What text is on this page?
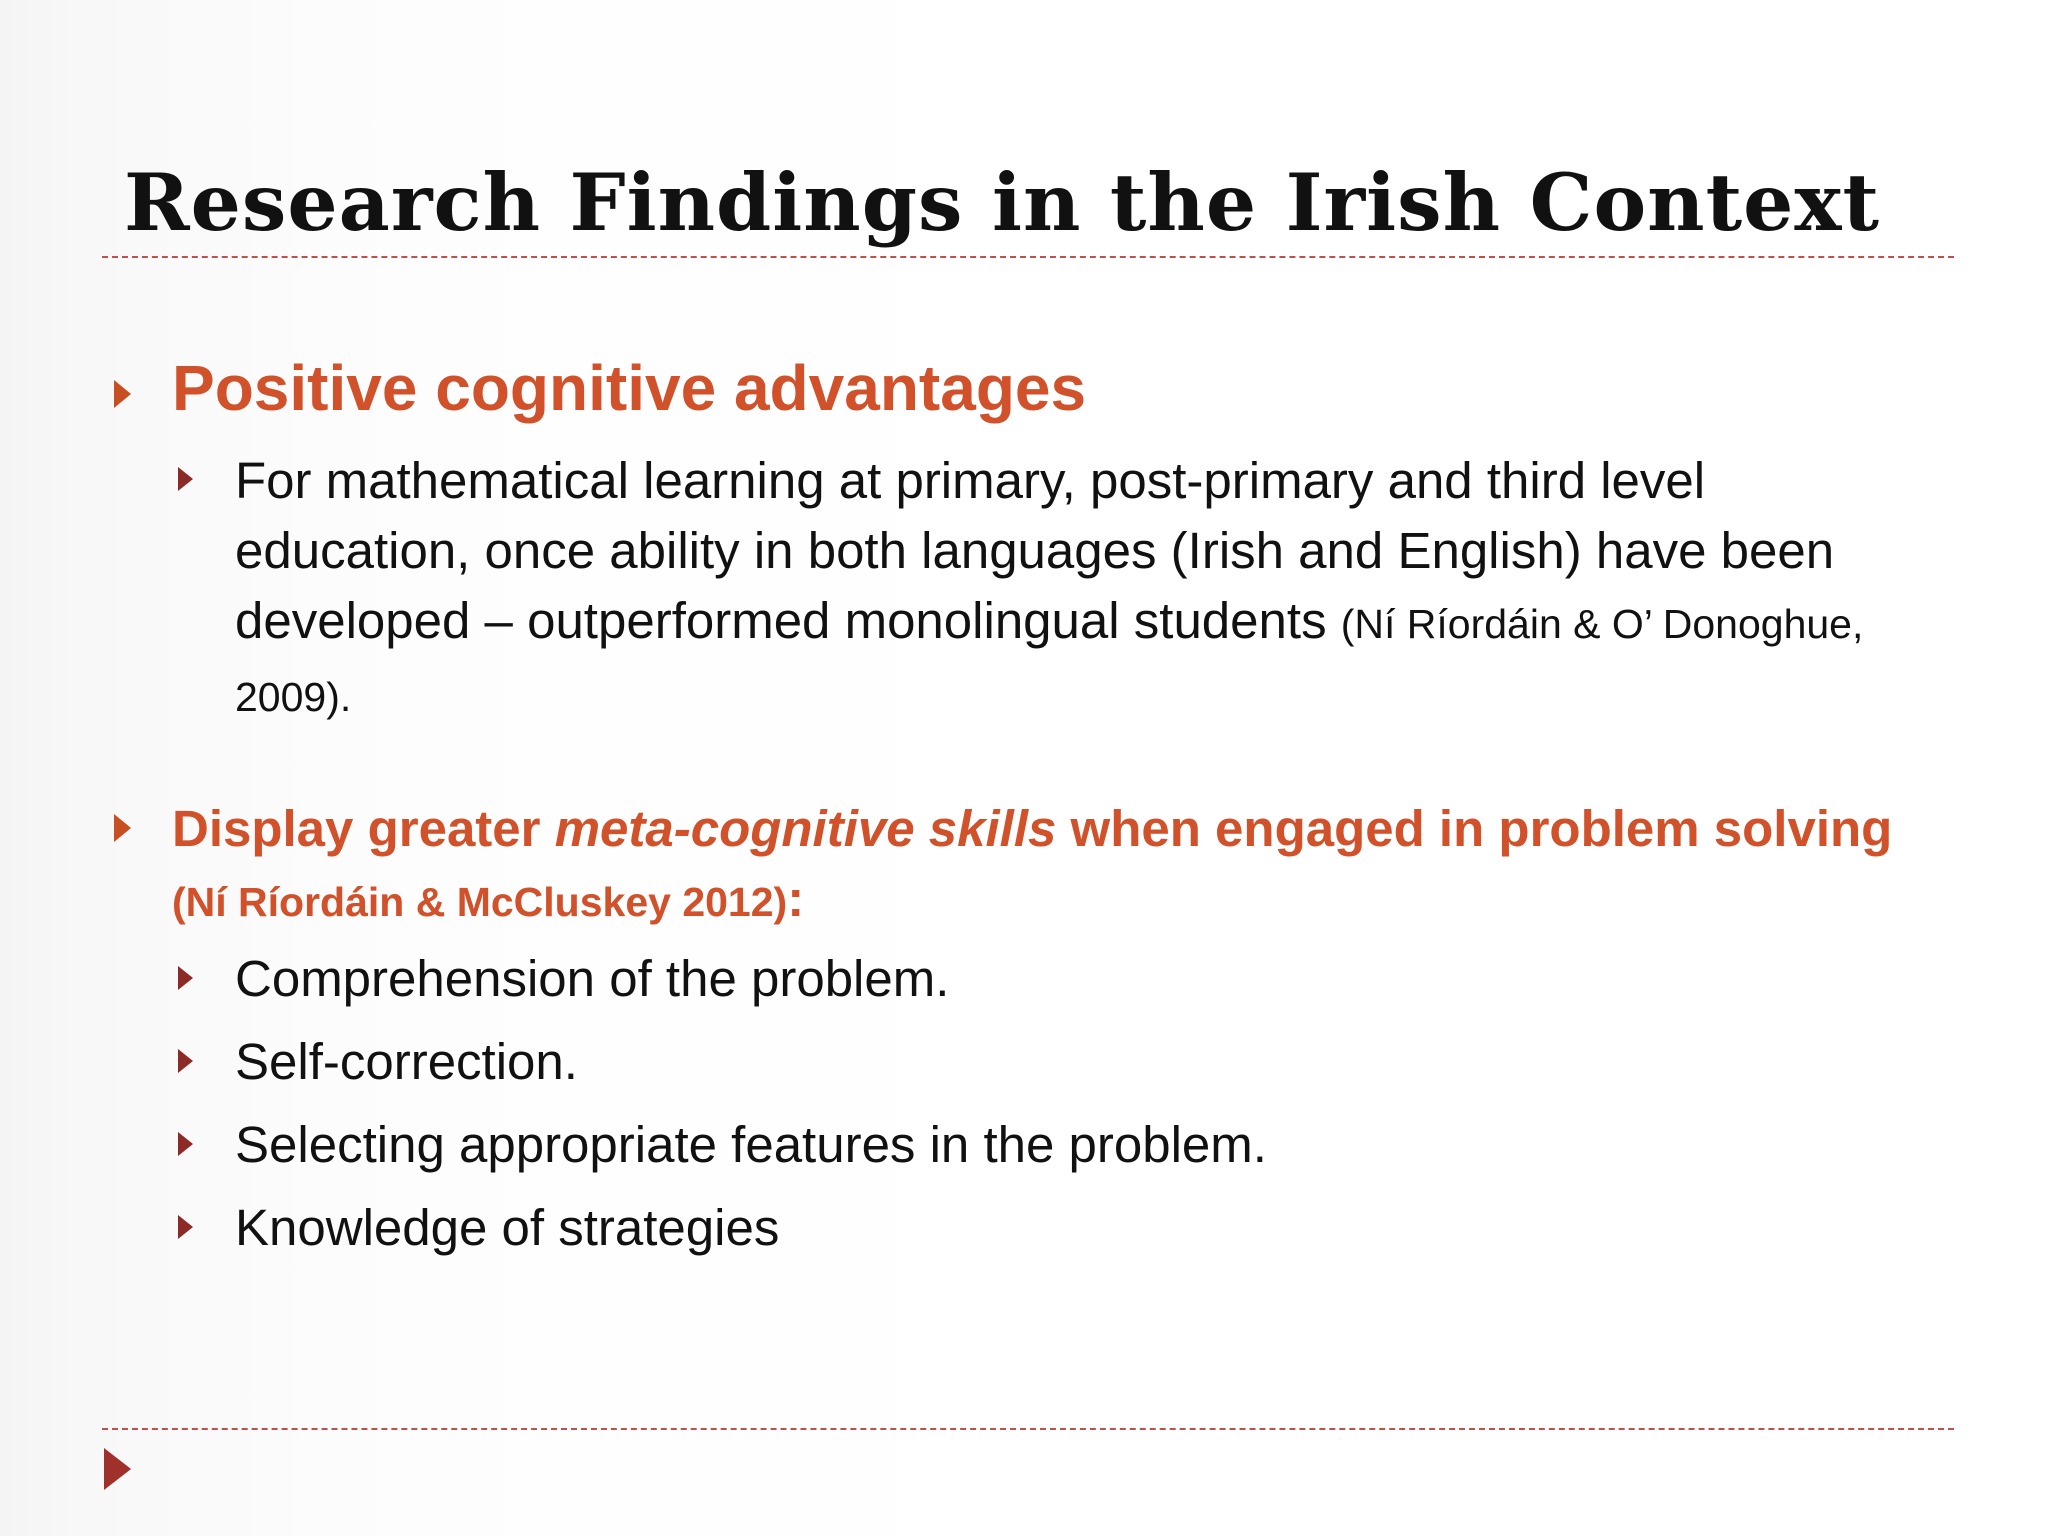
Research Findings in the Irish Context
Positive cognitive advantages
For mathematical learning at primary, post-primary and third level education, once ability in both languages (Irish and English) have been developed – outperformed monolingual students (Ní Ríordáin & O’ Donoghue, 2009).
Display greater meta-cognitive skills when engaged in problem solving (Ní Ríordáin & McCluskey 2012):
Comprehension of the problem.
Self-correction.
Selecting appropriate features in the problem.
Knowledge of strategies
